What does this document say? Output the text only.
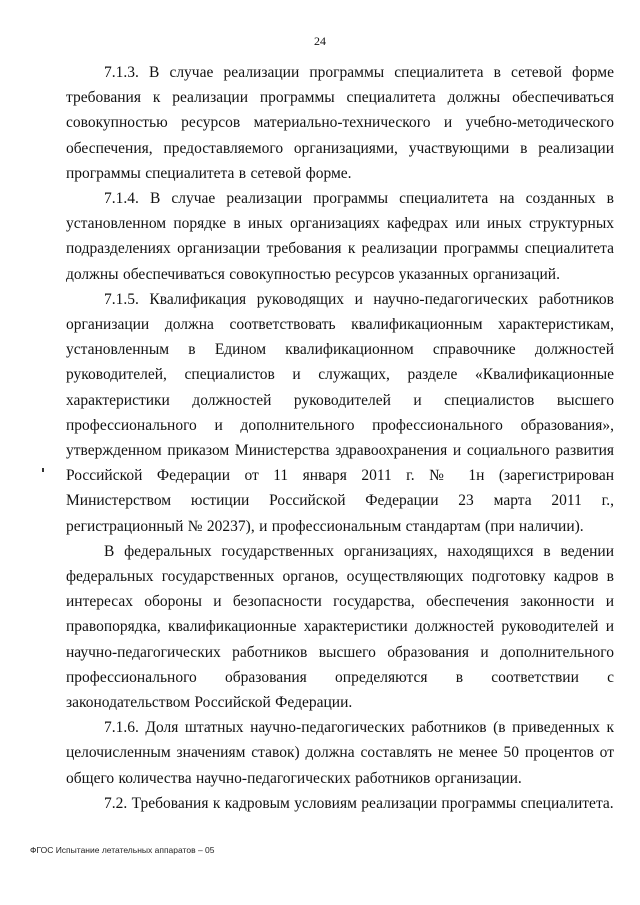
24

7.1.3. В случае реализации программы специалитета в сетевой форме требования к реализации программы специалитета должны обеспечиваться совокупностью ресурсов материально-технического и учебно-методического обеспечения, предоставляемого организациями, участвующими в реализации программы специалитета в сетевой форме.

7.1.4. В случае реализации программы специалитета на созданных в установленном порядке в иных организациях кафедрах или иных структурных подразделениях организации требования к реализации программы специалитета должны обеспечиваться совокупностью ресурсов указанных организаций.

7.1.5. Квалификация руководящих и научно-педагогических работников организации должна соответствовать квалификационным характеристикам, установленным в Едином квалификационном справочнике должностей руководителей, специалистов и служащих, разделе «Квалификационные характеристики должностей руководителей и специалистов высшего профессионального и дополнительного профессионального образования», утвержденном приказом Министерства здравоохранения и социального развития Российской Федерации от 11 января 2011 г. № 1н (зарегистрирован Министерством юстиции Российской Федерации 23 марта 2011 г., регистрационный № 20237), и профессиональным стандартам (при наличии).

В федеральных государственных организациях, находящихся в ведении федеральных государственных органов, осуществляющих подготовку кадров в интересах обороны и безопасности государства, обеспечения законности и правопорядка, квалификационные характеристики должностей руководителей и научно-педагогических работников высшего образования и дополнительного профессионального образования определяются в соответствии с законодательством Российской Федерации.

7.1.6. Доля штатных научно-педагогических работников (в приведенных к целочисленным значениям ставок) должна составлять не менее 50 процентов от общего количества научно-педагогических работников организации.

7.2. Требования к кадровым условиям реализации программы специалитета.

ФГОС Испытание летательных аппаратов – 05
